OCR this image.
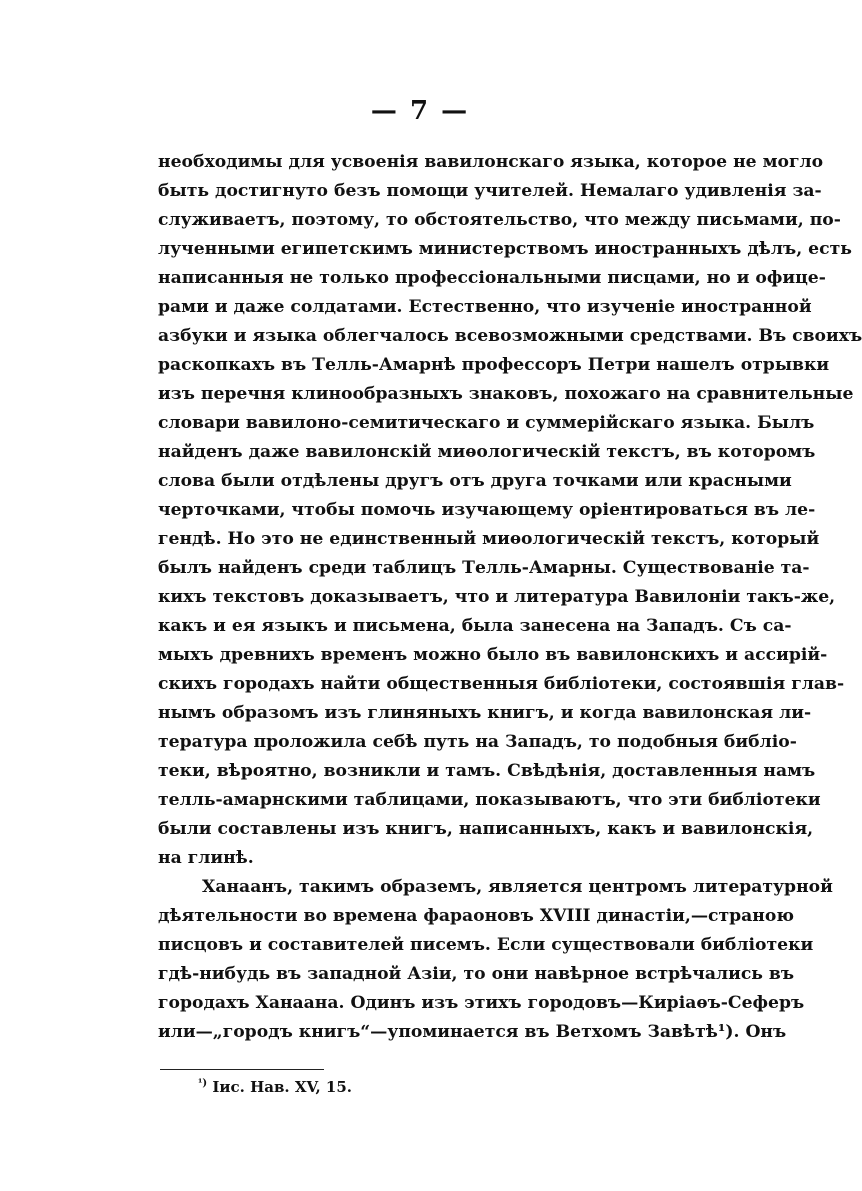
— 7 —
необходимы для усвоенія вавилонскаго языка, которое не могло
быть достигнуто безъ помощи учителей. Немалаго удивленія за-
служиваетъ, поэтому, то обстоятельство, что между письмами, по-
лученными египетскимъ министерствомъ иностранныхъ дѣлъ, есть
написанныя не только профессіональными писцами, но и офице-
рами и даже солдатами. Естественно, что изученіе иностранной
азбуки и языка облегчалось всевозможными средствами. Въ своихъ
раскопкахъ въ Телль-Амарнѣ профессоръ Петри нашелъ отрывки
изъ перечня клинообразныхъ знаковъ, похожаго на сравнительные
словари вавилоно-семитическаго и суммерійскаго языка. Былъ
найденъ даже вавилонскій миѳологическій текстъ, въ которомъ
слова были отдѣлены другъ отъ друга точками или красными
черточками, чтобы помочь изучающему оріентироваться въ ле-
гендѣ. Но это не единственный миѳологическій текстъ, который
былъ найденъ среди таблицъ Телль-Амарны. Существованіе та-
кихъ текстовъ доказываетъ, что и литература Вавилоніи такъ-же,
какъ и ея языкъ и письмена, была занесена на Западъ. Съ са-
мыхъ древнихъ временъ можно было въ вавилонскихъ и ассирій-
скихъ городахъ найти общественныя библіотеки, состоявшія глав-
нымъ образомъ изъ глиняныхъ книгъ, и когда вавилонская ли-
тература проложила себѣ путь на Западъ, то подобныя библіо-
теки, вѣроятно, возникли и тамъ. Свѣдѣнія, доставленныя намъ
телль-амарнскими таблицами, показываютъ, что эти библіотеки
были составлены изъ книгъ, написанныхъ, какъ и вавилонскія,
на глинѣ.
Ханаанъ, такимъ образемъ, является центромъ литературной
дѣятельности во времена фараоновъ XVIII династіи,—страною
писцовъ и составителей писемъ. Если существовали библіотеки
гдѣ-нибудь въ западной Азіи, то они навѣрное встрѣчались въ
городахъ Ханаана. Одинъ изъ этихъ городовъ—Киріаѳъ-Сеферъ
или—„городъ книгъ“—упоминается въ Ветхомъ Завѣтѣ¹). Онъ
$^{^1)}$ Іис. Нав. XV, 15.
